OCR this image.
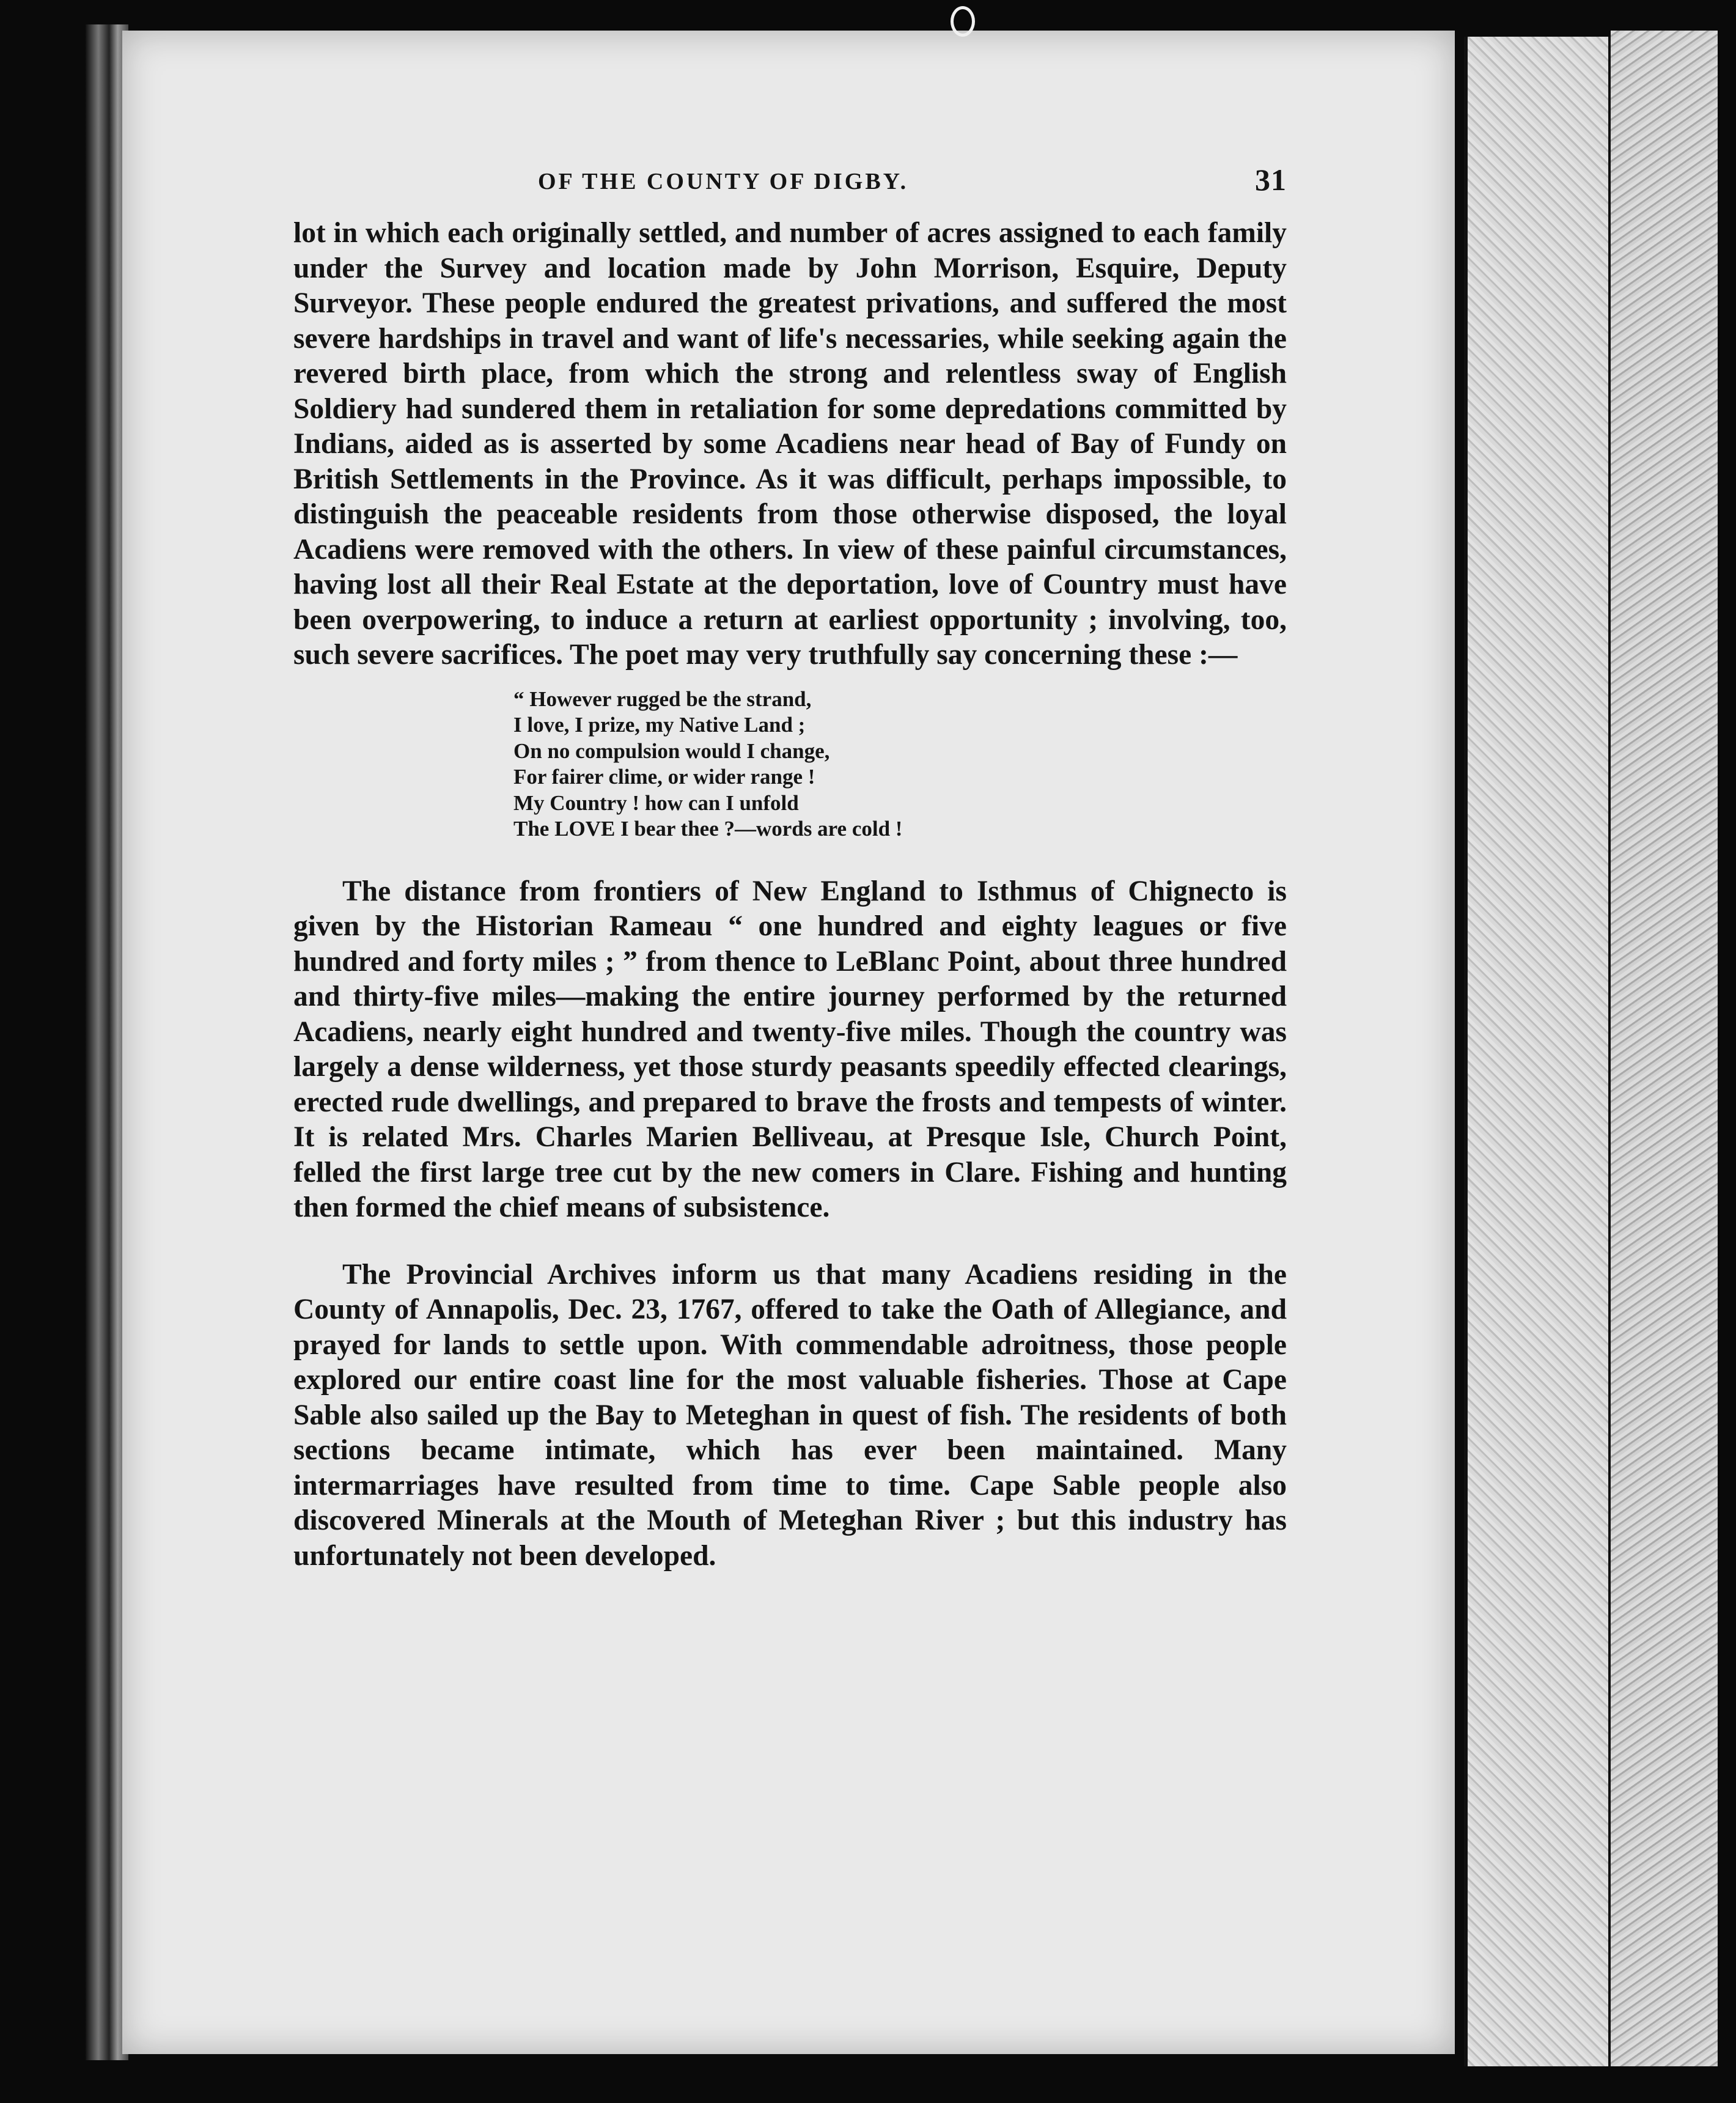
OF THE COUNTY OF DIGBY.	31

lot in which each originally settled, and number of acres assigned to each family under the Survey and location made by John Morrison, Esquire, Deputy Surveyor. These people endured the greatest privations, and suffered the most severe hardships in travel and want of life's necessaries, while seeking again the revered birth place, from which the strong and relentless sway of English Soldiery had sundered them in retaliation for some depredations committed by Indians, aided as is asserted by some Acadiens near head of Bay of Fundy on British Settlements in the Province. As it was difficult, perhaps impossible, to distinguish the peaceable residents from those otherwise disposed, the loyal Acadiens were removed with the others. In view of these painful circumstances, having lost all their Real Estate at the deportation, love of Country must have been overpowering, to induce a return at earliest opportunity ; involving, too, such severe sacrifices. The poet may very truthfully say concerning these :—

“ However rugged be the strand,
I love, I prize, my Native Land ;
On no compulsion would I change,
For fairer clime, or wider range !
My Country ! how can I unfold
The LOVE I bear thee ?—words are cold !

The distance from frontiers of New England to Isthmus of Chignecto is given by the Historian Rameau “ one hundred and eighty leagues or five hundred and forty miles ; ” from thence to LeBlanc Point, about three hundred and thirty-five miles—making the entire journey performed by the returned Acadiens, nearly eight hundred and twenty-five miles. Though the country was largely a dense wilderness, yet those sturdy peasants speedily effected clearings, erected rude dwellings, and prepared to brave the frosts and tempests of winter. It is related Mrs. Charles Marien Belliveau, at Presque Isle, Church Point, felled the first large tree cut by the new comers in Clare. Fishing and hunting then formed the chief means of subsistence.

The Provincial Archives inform us that many Acadiens residing in the County of Annapolis, Dec. 23, 1767, offered to take the Oath of Allegiance, and prayed for lands to settle upon. With commendable adroitness, those people explored our entire coast line for the most valuable fisheries. Those at Cape Sable also sailed up the Bay to Meteghan in quest of fish. The residents of both sections became intimate, which has ever been maintained. Many intermarriages have resulted from time to time. Cape Sable people also discovered Minerals at the Mouth of Meteghan River ; but this industry has unfortunately not been developed.
